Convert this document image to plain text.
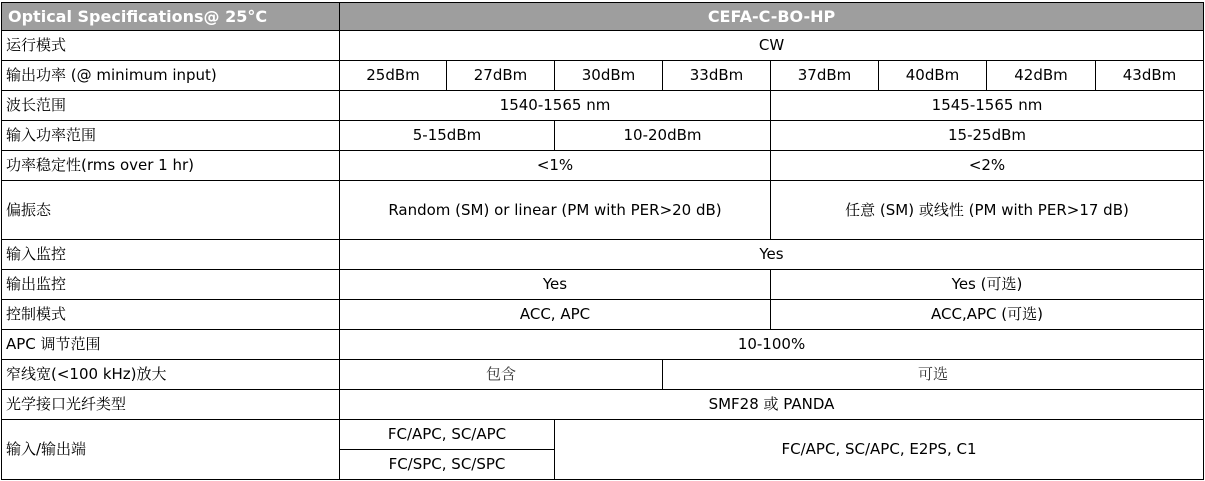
Optical Specifications@ 25°C	CEFA-C-BO-HP							
运行模式	CW							
输出功率 (@ minimum input)	25dBm	27dBm	30dBm	33dBm	37dBm	40dBm	42dBm	43dBm
波长范围	1540-1565 nm				1545-1565 nm			
输入功率范围	5-15dBm		10-20dBm		15-25dBm			
功率稳定性(rms over 1 hr)	<1%				<2%			
偏振态	Random (SM) or linear (PM with PER>20 dB)				任意 (SM) 或线性 (PM with PER>17 dB)			
输入监控	Yes							
输出监控	Yes				Yes (可选)			
控制模式	ACC, APC				ACC,APC (可选)			
APC 调节范围	10-100%							
窄线宽(<100 kHz)放大	包含			可选				
光学接口光纤类型	SMF28 或 PANDA							
输入/输出端	FC/APC, SC/APC		FC/APC, SC/APC, E2PS, C1					
	FC/SPC, SC/SPC							
